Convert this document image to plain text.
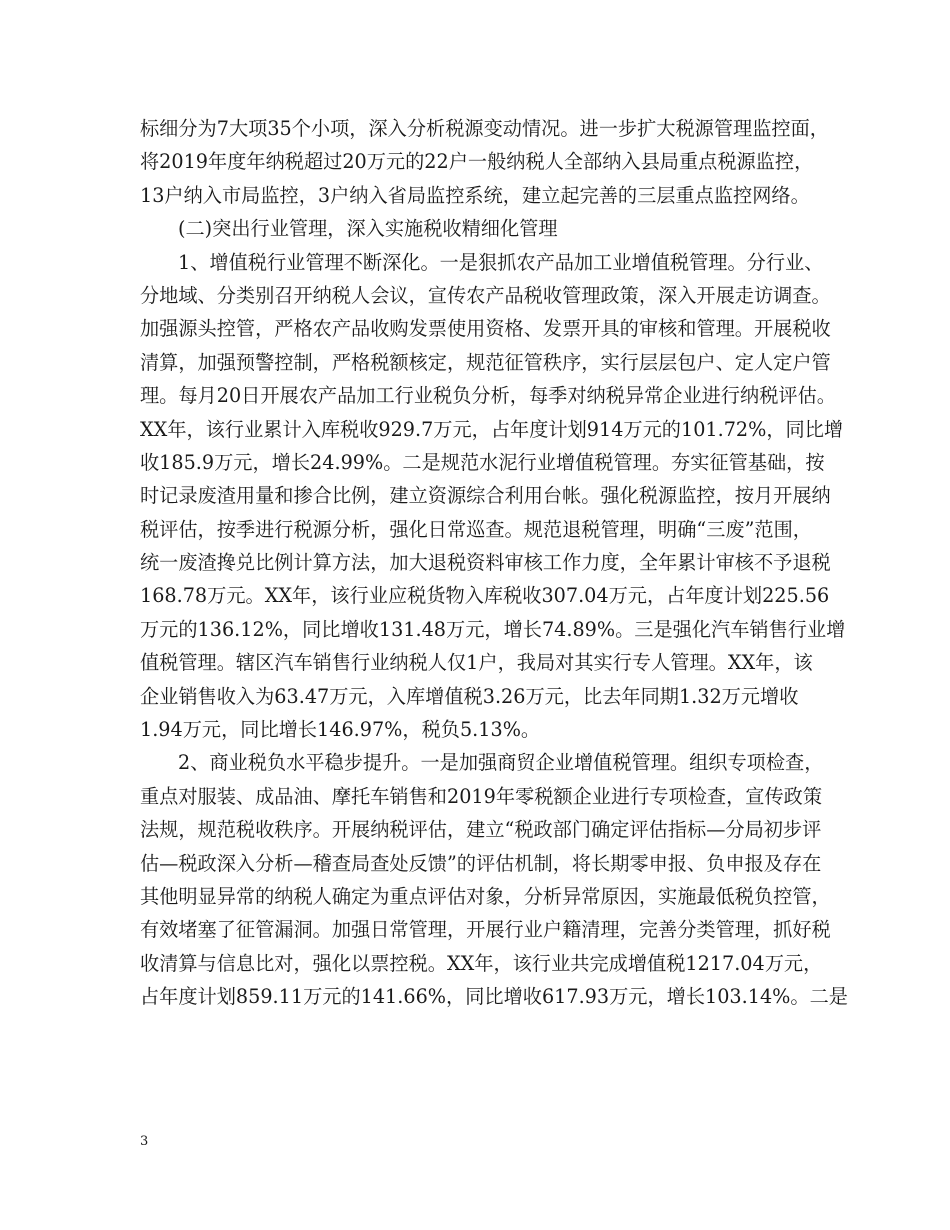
标细分为7大项35个小项，深入分析税源变动情况。进一步扩大税源管理监控面，
将2019年度年纳税超过20万元的22户一般纳税人全部纳入县局重点税源监控，
13户纳入市局监控，3户纳入省局监控系统，建立起完善的三层重点监控网络。
(二)突出行业管理，深入实施税收精细化管理
1、增值税行业管理不断深化。一是狠抓农产品加工业增值税管理。分行业、
分地域、分类别召开纳税人会议，宣传农产品税收管理政策，深入开展走访调查。
加强源头控管，严格农产品收购发票使用资格、发票开具的审核和管理。开展税收
清算，加强预警控制，严格税额核定，规范征管秩序，实行层层包户、定人定户管
理。每月20日开展农产品加工行业税负分析，每季对纳税异常企业进行纳税评估。
XX年，该行业累计入库税收929.7万元，占年度计划914万元的101.72%，同比增
收185.9万元，增长24.99%。二是规范水泥行业增值税管理。夯实征管基础，按
时记录废渣用量和掺合比例，建立资源综合利用台帐。强化税源监控，按月开展纳
税评估，按季进行税源分析，强化日常巡查。规范退税管理，明确“三废”范围，
统一废渣搀兑比例计算方法，加大退税资料审核工作力度，全年累计审核不予退税
168.78万元。XX年，该行业应税货物入库税收307.04万元，占年度计划225.56
万元的136.12%，同比增收131.48万元，增长74.89%。三是强化汽车销售行业增
值税管理。辖区汽车销售行业纳税人仅1户，我局对其实行专人管理。XX年，该
企业销售收入为63.47万元，入库增值税3.26万元，比去年同期1.32万元增收
1.94万元，同比增长146.97%，税负5.13%。
2、商业税负水平稳步提升。一是加强商贸企业增值税管理。组织专项检查，
重点对服装、成品油、摩托车销售和2019年零税额企业进行专项检查，宣传政策
法规，规范税收秩序。开展纳税评估，建立“税政部门确定评估指标—分局初步评
估—税政深入分析—稽查局查处反馈”的评估机制，将长期零申报、负申报及存在
其他明显异常的纳税人确定为重点评估对象，分析异常原因，实施最低税负控管，
有效堵塞了征管漏洞。加强日常管理，开展行业户籍清理，完善分类管理，抓好税
收清算与信息比对，强化以票控税。XX年，该行业共完成增值税1217.04万元，
占年度计划859.11万元的141.66%，同比增收617.93万元，增长103.14%。二是
3
